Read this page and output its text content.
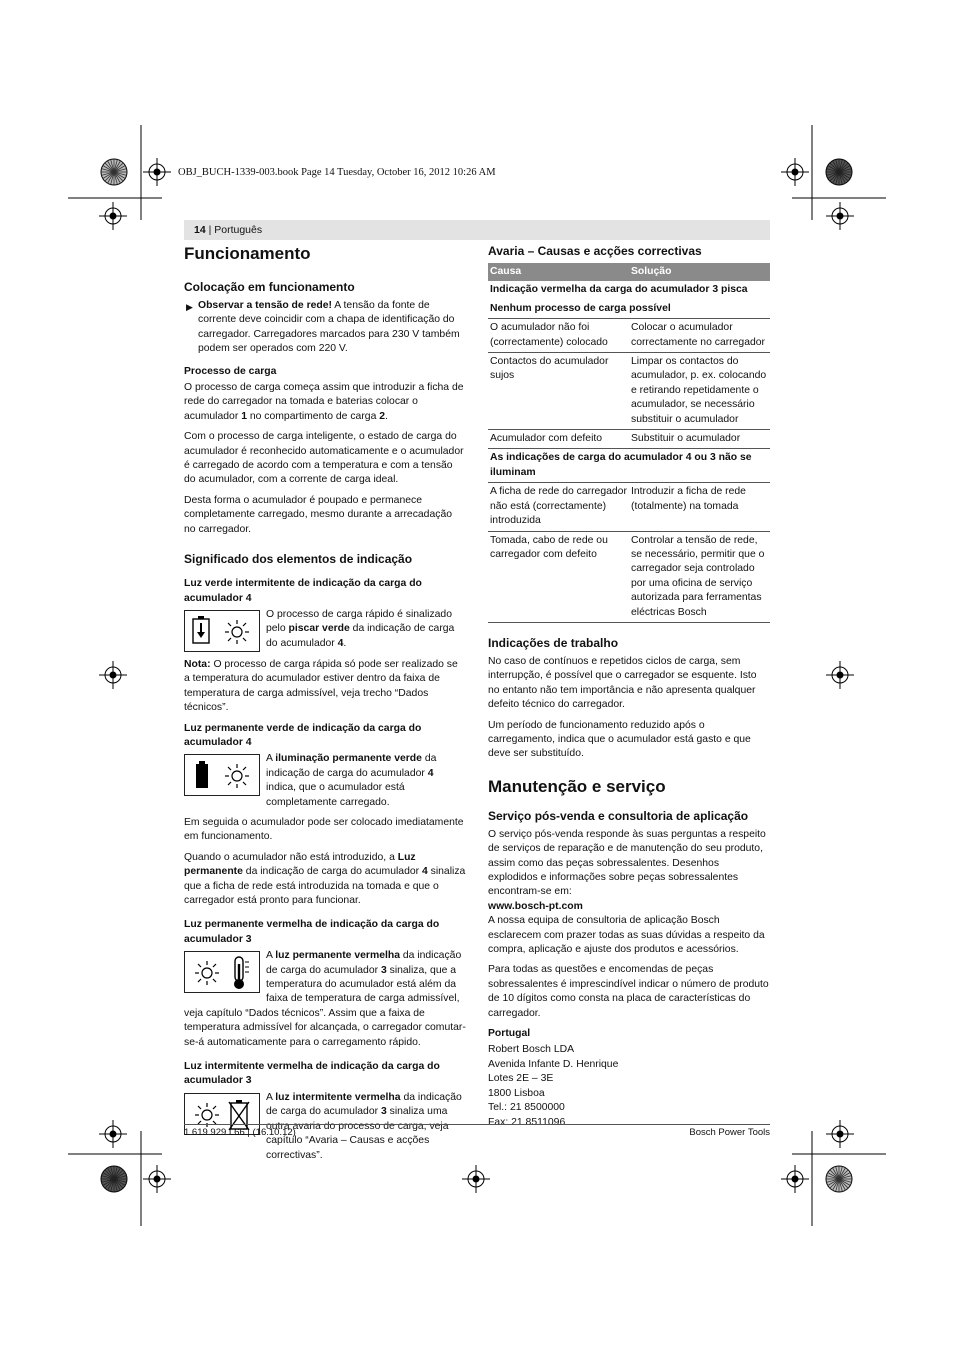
OBJ_BUCH-1339-003.book Page 14 Tuesday, October 16, 2012 10:26 AM
14 | Português
Funcionamento
Colocação em funcionamento
▶ Observar a tensão de rede! A tensão da fonte de corrente deve coincidir com a chapa de identificação do carregador. Carregadores marcados para 230 V também podem ser operados com 220 V.
Processo de carga

O processo de carga começa assim que introduzir a ficha de rede do carregador na tomada e baterias colocar o acumulador 1 no compartimento de carga 2.

Com o processo de carga inteligente, o estado de carga do acumulador é reconhecido automaticamente e o acumulador é carregado de acordo com a temperatura e com a tensão do acumulador, com a corrente de carga ideal.

Desta forma o acumulador é poupado e permanece completamente carregado, mesmo durante a arrecadação no carregador.

Significado dos elementos de indicação
Luz verde intermitente de indicação da carga do acumulador 4
O processo de carga rápido é sinalizado pelo piscar verde da indicação de carga do acumulador 4.

Nota: O processo de carga rápida só pode ser realizado se a temperatura do acumulador estiver dentro da faixa de temperatura de carga admissível, veja trecho “Dados técnicos”.

Luz permanente verde de indicação da carga do acumulador 4
A iluminação permanente verde da indicação de carga do acumulador 4 indica, que o acumulador está completamente carregado.

Em seguida o acumulador pode ser colocado imediatamente em funcionamento.

Quando o acumulador não está introduzido, a Luz permanente da indicação de carga do acumulador 4 sinaliza que a ficha de rede está introduzida na tomada e que o carregador está pronto para funcionar.

Luz permanente vermelha de indicação da carga do acumulador 3
A luz permanente vermelha da indicação de carga do acumulador 3 sinaliza, que a temperatura do acumulador está além da faixa de temperatura de carga admissível,

veja capítulo “Dados técnicos”. Assim que a faixa de temperatura admissível for alcançada, o carregador comutar-se-á automaticamente para o carregamento rápido.

Luz intermitente vermelha de indicação da carga do acumulador 3
A luz intermitente vermelha da indicação de carga do acumulador 3 sinaliza uma outra avaria do processo de carga, veja capítulo “Avaria – Causas e acções correctivas”.
Avaria – Causas e acções correctivas
Causa	Solução
Indicação vermelha da carga do acumulador 3 pisca	
Nenhum processo de carga possível	
O acumulador não foi (correctamente) colocado	Colocar o acumulador correctamente no carregador
Contactos do acumulador sujos	Limpar os contactos do acumulador, p. ex. colocando e retirando repetidamente o acumulador, se necessário substituir o acumulador
Acumulador com defeito	Substituir o acumulador
As indicações de carga do acumulador 4 ou 3 não se iluminam	
A ficha de rede do carregador não está (correctamente) introduzida	Introduzir a ficha de rede (totalmente) na tomada
Tomada, cabo de rede ou carregador com defeito	Controlar a tensão de rede, se necessário, permitir que o carregador seja controlado por uma oficina de serviço autorizada para ferramentas eléctricas Bosch

Indicações de trabalho

No caso de contínuos e repetidos ciclos de carga, sem interrupção, é possível que o carregador se esquente. Isto no entanto não tem importância e não apresenta qualquer defeito técnico do carregador.

Um período de funcionamento reduzido após o carregamento, indica que o acumulador está gasto e que deve ser substituído.

Manutenção e serviço
Serviço pós-venda e consultoria de aplicação

O serviço pós-venda responde às suas perguntas a respeito de serviços de reparação e de manutenção do seu produto, assim como das peças sobressalentes. Desenhos explodidos e informações sobre peças sobressalentes encontram-se em:

www.bosch-pt.com

A nossa equipa de consultoria de aplicação Bosch esclarecem com prazer todas as suas dúvidas a respeito da compra, aplicação e ajuste dos produtos e acessórios.

Para todas as questões e encomendas de peças sobressalentes é imprescindível indicar o número de produto de 10 dígitos como consta na placa de características do carregador.

Portugal

Robert Bosch LDA

Avenida Infante D. Henrique

Lotes 2E – 3E

1800 Lisboa

Tel.: 21 8500000

Fax: 21 8511096

1 619 929 L66 | (16.10.12)	Bosch Power Tools
